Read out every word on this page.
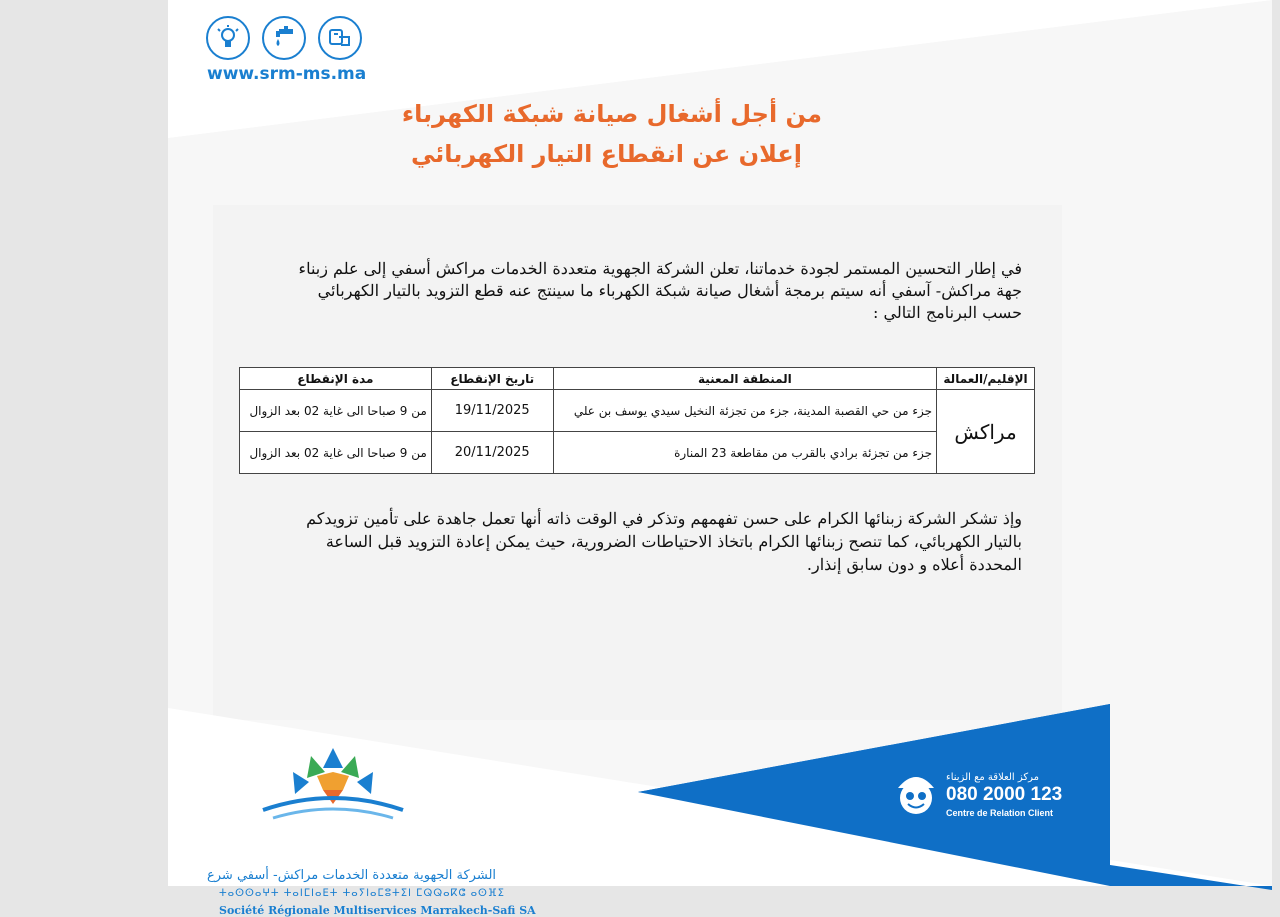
www.srm-ms.ma
من أجل أشغال صيانة شبكة الكهرباء
إعلان عن انقطاع التيار الكهربائي
في إطار التحسين المستمر لجودة خدماتنا، تعلن الشركة الجهوية متعددة الخدمات مراكش أسفي إلى علم زبناء
جهة مراكش- آسفي أنه سيتم برمجة أشغال صيانة شبكة الكهرباء ما سينتج عنه قطع التزويد بالتيار الكهربائي
حسب البرنامج التالي :
الإقليم/العمالة	المنطقة المعنية	تاريخ الإنقطاع	مدة الإنقطاع
مراكش	جزء من حي القصبة المدينة، جزء من تجزئة النخيل سيدي يوسف بن علي	19/11/2025	من 9 صباحا الى غاية 02 بعد الزوال
	جزء من تجزئة برادي بالقرب من مقاطعة 23 المنارة	20/11/2025	من 9 صباحا الى غاية 02 بعد الزوال
وإذ تشكر الشركة زبنائها الكرام على حسن تفهمهم وتذكر في الوقت ذاته أنها تعمل جاهدة على تأمين تزويدكم
بالتيار الكهربائي، كما تنصح زبنائها الكرام باتخاذ الاحتياطات الضرورية، حيث يمكن إعادة التزويد قبل الساعة
المحددة أعلاه و دون سابق إنذار.
الشركة الجهوية متعددة الخدمات مراكش- أسفي شرع
ⵜⴰⵙⵙⴰⵖⵜ ⵜⴰⵏⵎⵏⴰⴹⵜ ⵜⴰⵢⵏⴰⵎⵓⵜⵉⵏ ⵎⵕⵕⴰⴽⵛ ⴰⵙⴼⵉ
Société Régionale Multiservices Marrakech-Safi SA
مركز العلاقة مع الزبناء
080 2000 123
Centre de Relation Client
